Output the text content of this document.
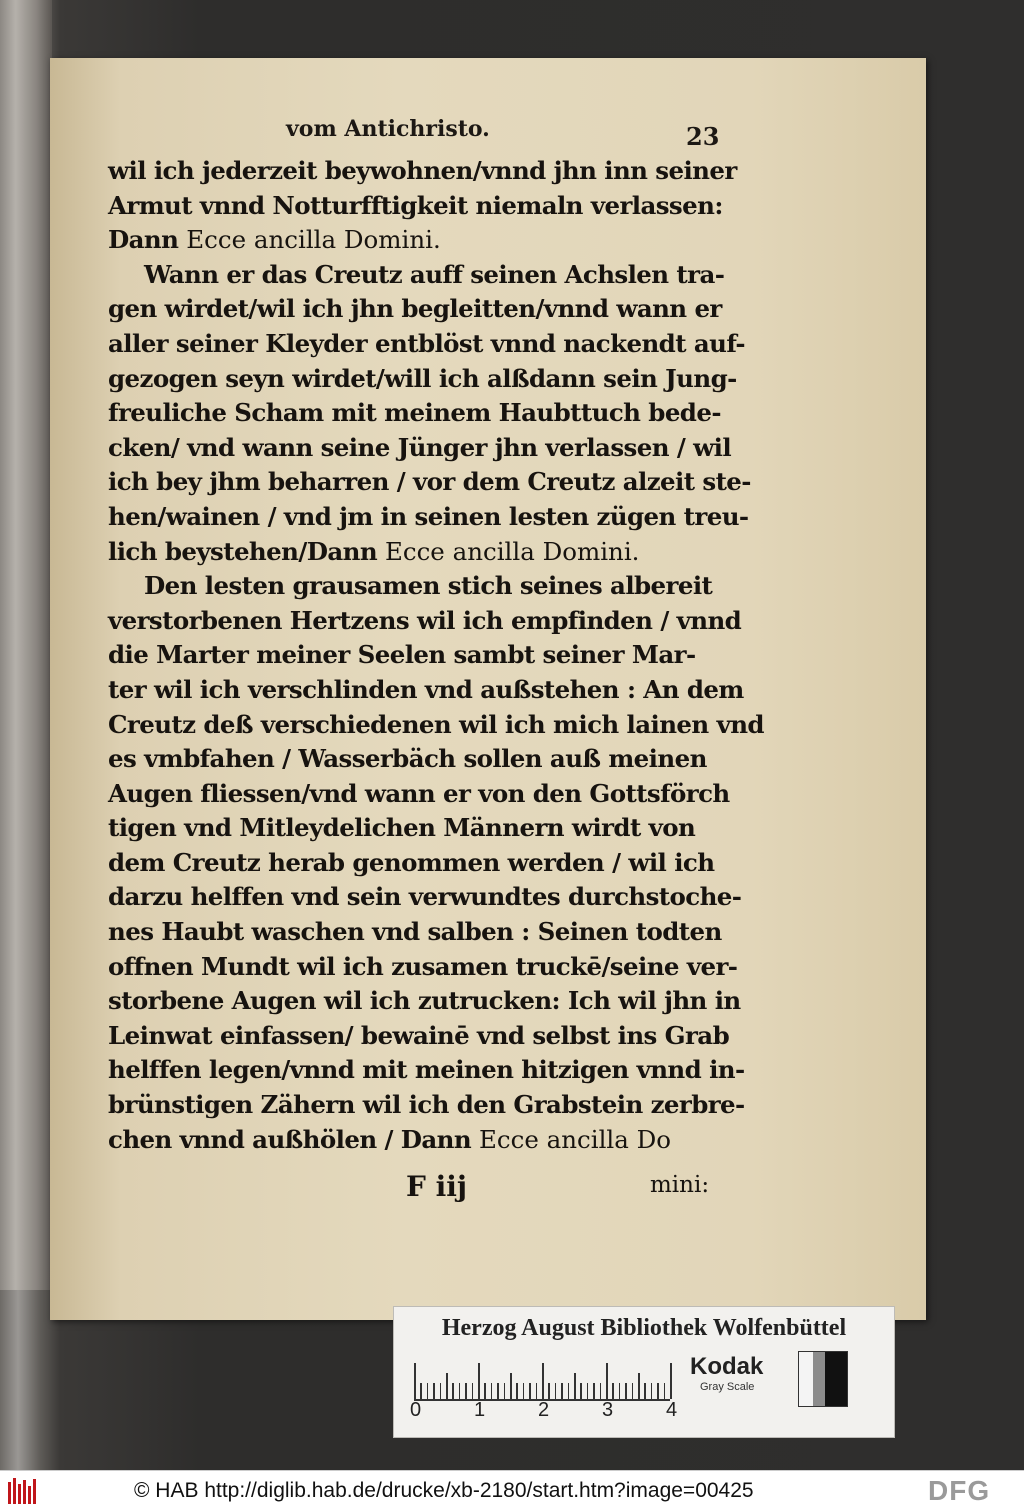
vom Antichristo.	23
wil ich jederzeit beywohnen/vnnd jhn inn seiner
Armut vnnd Notturfftigkeit niemaln verlassen:
Dann Ecce ancilla Domini.
Wann er das Creutz auff seinen Achslen tra-
gen wirdet/wil ich jhn begleitten/vnnd wann er
aller seiner Kleyder entblöst vnnd nackendt auf-
gezogen seyn wirdet/will ich alßdann sein Jung-
freuliche Scham mit meinem Haubttuch bede-
cken/ vnd wann seine Jünger jhn verlassen / wil
ich bey jhm beharren / vor dem Creutz alzeit ste-
hen/wainen / vnd jm in seinen lesten zügen treu-
lich beystehen/Dann Ecce ancilla Domini.
Den lesten grausamen stich seines albereit
verstorbenen Hertzens wil ich empfinden / vnnd
die Marter meiner Seelen sambt seiner Mar-
ter wil ich verschlinden vnd außstehen : An dem
Creutz deß verschiedenen wil ich mich lainen vnd
es vmbfahen / Wasserbäch sollen auß meinen
Augen fliessen/vnd wann er von den Gottsförch
tigen vnd Mitleydelichen Männern wirdt von
dem Creutz herab genommen werden / wil ich
darzu helffen vnd sein verwundtes durchstoche-
nes Haubt waschen vnd salben : Seinen todten
offnen Mundt wil ich zusamen truckē/seine ver-
storbene Augen wil ich zutrucken: Ich wil jhn in
Leinwat einfassen/ bewainē vnd selbst ins Grab
helffen legen/vnnd mit meinen hitzigen vnnd in-
brünstigen Zähern wil ich den Grabstein zerbre-
chen vnnd außhölen / Dann Ecce ancilla Do
F iij	mini:
Herzog August Bibliothek Wolfenbüttel
0	1	2	3	4
Kodak
Gray Scale
© HAB http://diglib.hab.de/drucke/xb-2180/start.htm?image=00425	DFG
